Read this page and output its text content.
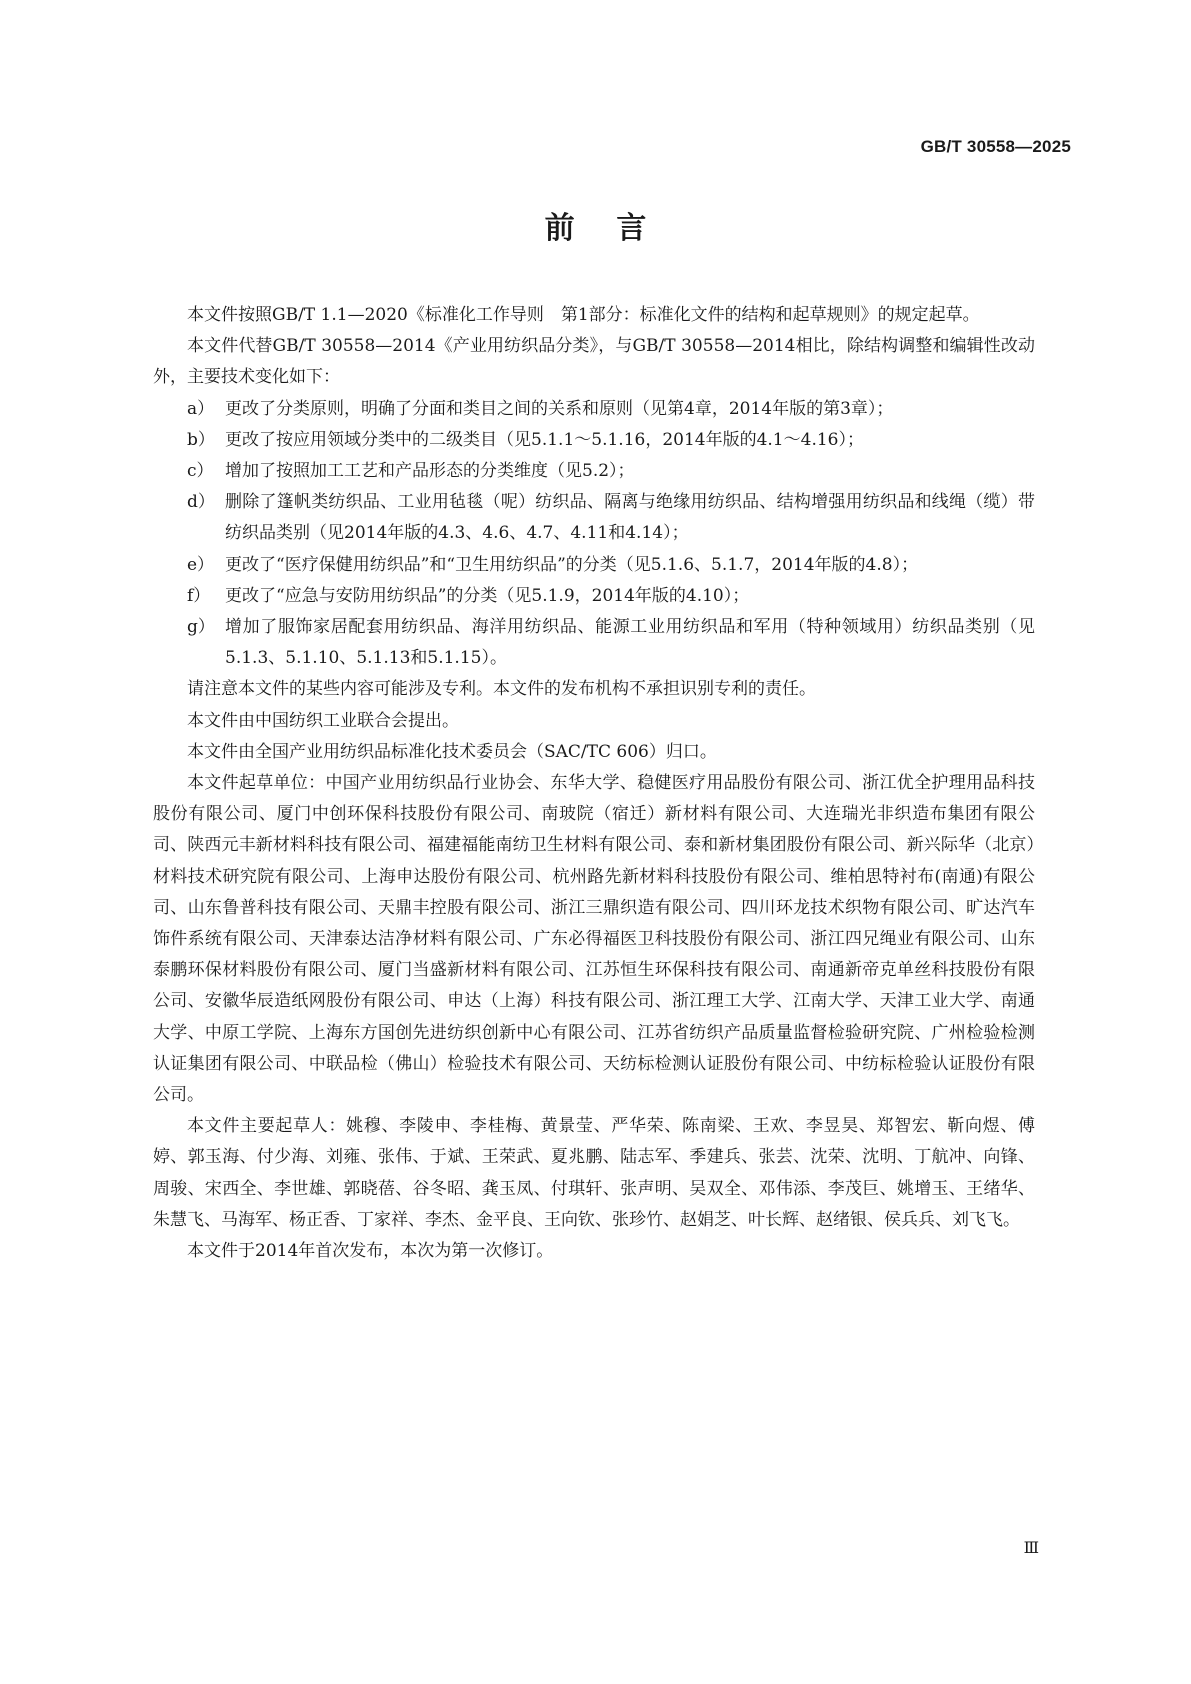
GB/T 30558—2025
前    言

本文件按照GB/T 1.1—2020《标准化工作导则　第1部分：标准化文件的结构和起草规则》的规定起草。

本文件代替GB/T 30558—2014《产业用纺织品分类》，与GB/T 30558—2014相比，除结构调整和编辑性改动外，主要技术变化如下：

a） 更改了分类原则，明确了分面和类目之间的关系和原则（见第4章，2014年版的第3章）；
b） 更改了按应用领域分类中的二级类目（见5.1.1～5.1.16，2014年版的4.1～4.16）；
c） 增加了按照加工工艺和产品形态的分类维度（见5.2）；
d） 删除了篷帆类纺织品、工业用毡毯（呢）纺织品、隔离与绝缘用纺织品、结构增强用纺织品和线绳（缆）带纺织品类别（见2014年版的4.3、4.6、4.7、4.11和4.14）；
e） 更改了“医疗保健用纺织品”和“卫生用纺织品”的分类（见5.1.6、5.1.7，2014年版的4.8）；
f） 更改了“应急与安防用纺织品”的分类（见5.1.9，2014年版的4.10）；
g） 增加了服饰家居配套用纺织品、海洋用纺织品、能源工业用纺织品和军用（特种领域用）纺织品类别（见5.1.3、5.1.10、5.1.13和5.1.15）。

请注意本文件的某些内容可能涉及专利。本文件的发布机构不承担识别专利的责任。

本文件由中国纺织工业联合会提出。

本文件由全国产业用纺织品标准化技术委员会（SAC/TC 606）归口。

本文件起草单位：中国产业用纺织品行业协会、东华大学、稳健医疗用品股份有限公司、浙江优全护理用品科技股份有限公司、厦门中创环保科技股份有限公司、南玻院（宿迁）新材料有限公司、大连瑞光非织造布集团有限公司、陕西元丰新材料科技有限公司、福建福能南纺卫生材料有限公司、泰和新材集团股份有限公司、新兴际华（北京）材料技术研究院有限公司、上海申达股份有限公司、杭州路先新材料科技股份有限公司、维柏思特衬布(南通)有限公司、山东鲁普科技有限公司、天鼎丰控股有限公司、浙江三鼎织造有限公司、四川环龙技术织物有限公司、旷达汽车饰件系统有限公司、天津泰达洁净材料有限公司、广东必得福医卫科技股份有限公司、浙江四兄绳业有限公司、山东泰鹏环保材料股份有限公司、厦门当盛新材料有限公司、江苏恒生环保科技有限公司、南通新帝克单丝科技股份有限公司、安徽华辰造纸网股份有限公司、申达（上海）科技有限公司、浙江理工大学、江南大学、天津工业大学、南通大学、中原工学院、上海东方国创先进纺织创新中心有限公司、江苏省纺织产品质量监督检验研究院、广州检验检测认证集团有限公司、中联品检（佛山）检验技术有限公司、天纺标检测认证股份有限公司、中纺标检验认证股份有限公司。

本文件主要起草人：姚穆、李陵申、李桂梅、黄景莹、严华荣、陈南梁、王欢、李昱昊、郑智宏、靳向煜、傅婷、郭玉海、付少海、刘雍、张伟、于斌、王荣武、夏兆鹏、陆志军、季建兵、张芸、沈荣、沈明、丁航冲、向锋、周骏、宋西全、李世雄、郭晓蓓、谷冬昭、龚玉凤、付琪轩、张声明、吴双全、邓伟添、李茂巨、姚增玉、王绪华、朱慧飞、马海军、杨正香、丁家祥、李杰、金平良、王向钦、张珍竹、赵娟芝、叶长辉、赵绪银、侯兵兵、刘飞飞。

本文件于2014年首次发布，本次为第一次修订。

Ⅲ
